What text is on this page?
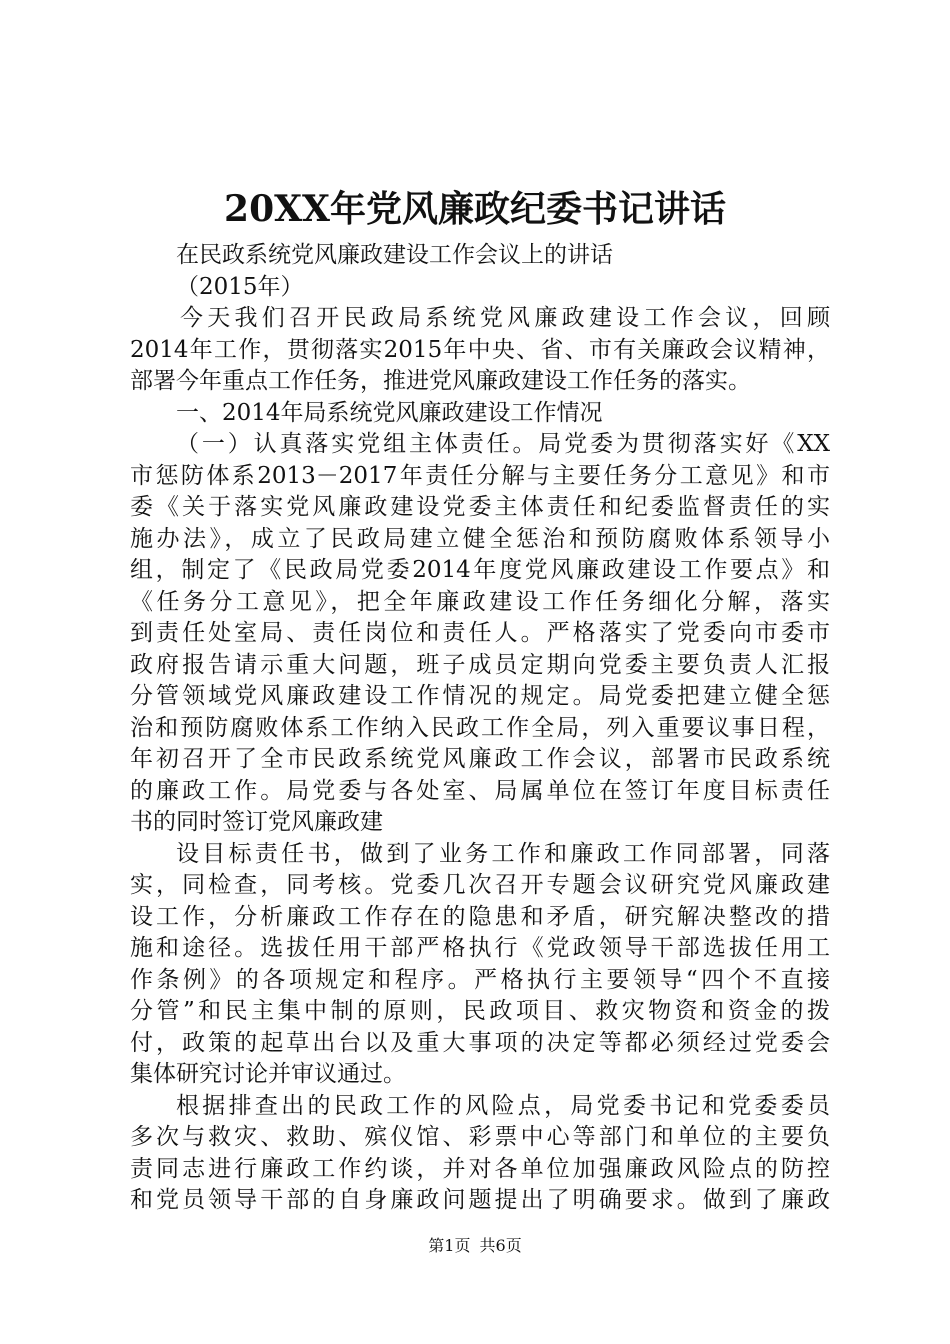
20XX年党风廉政纪委书记讲话
在民政系统党风廉政建设工作会议上的讲话
（2015年）
今天我们召开民政局系统党风廉政建设工作会议，回顾
2014年工作，贯彻落实2015年中央、省、市有关廉政会议精神，
部署今年重点工作任务，推进党风廉政建设工作任务的落实。
一、2014年局系统党风廉政建设工作情况
（一）认真落实党组主体责任。局党委为贯彻落实好《XX
市惩防体系2013－2017年责任分解与主要任务分工意见》和市
委《关于落实党风廉政建设党委主体责任和纪委监督责任的实
施办法》，成立了民政局建立健全惩治和预防腐败体系领导小
组，制定了《民政局党委2014年度党风廉政建设工作要点》和
《任务分工意见》，把全年廉政建设工作任务细化分解，落实
到责任处室局、责任岗位和责任人。严格落实了党委向市委市
政府报告请示重大问题，班子成员定期向党委主要负责人汇报
分管领域党风廉政建设工作情况的规定。局党委把建立健全惩
治和预防腐败体系工作纳入民政工作全局，列入重要议事日程，
年初召开了全市民政系统党风廉政工作会议，部署市民政系统
的廉政工作。局党委与各处室、局属单位在签订年度目标责任
书的同时签订党风廉政建
设目标责任书，做到了业务工作和廉政工作同部署，同落
实，同检查，同考核。党委几次召开专题会议研究党风廉政建
设工作，分析廉政工作存在的隐患和矛盾，研究解决整改的措
施和途径。选拔任用干部严格执行《党政领导干部选拔任用工
作条例》的各项规定和程序。严格执行主要领导“四个不直接
分管”和民主集中制的原则，民政项目、救灾物资和资金的拨
付，政策的起草出台以及重大事项的决定等都必须经过党委会
集体研究讨论并审议通过。
根据排查出的民政工作的风险点，局党委书记和党委委员
多次与救灾、救助、殡仪馆、彩票中心等部门和单位的主要负
责同志进行廉政工作约谈，并对各单位加强廉政风险点的防控
和党员领导干部的自身廉政问题提出了明确要求。做到了廉政
第1页 共6页
